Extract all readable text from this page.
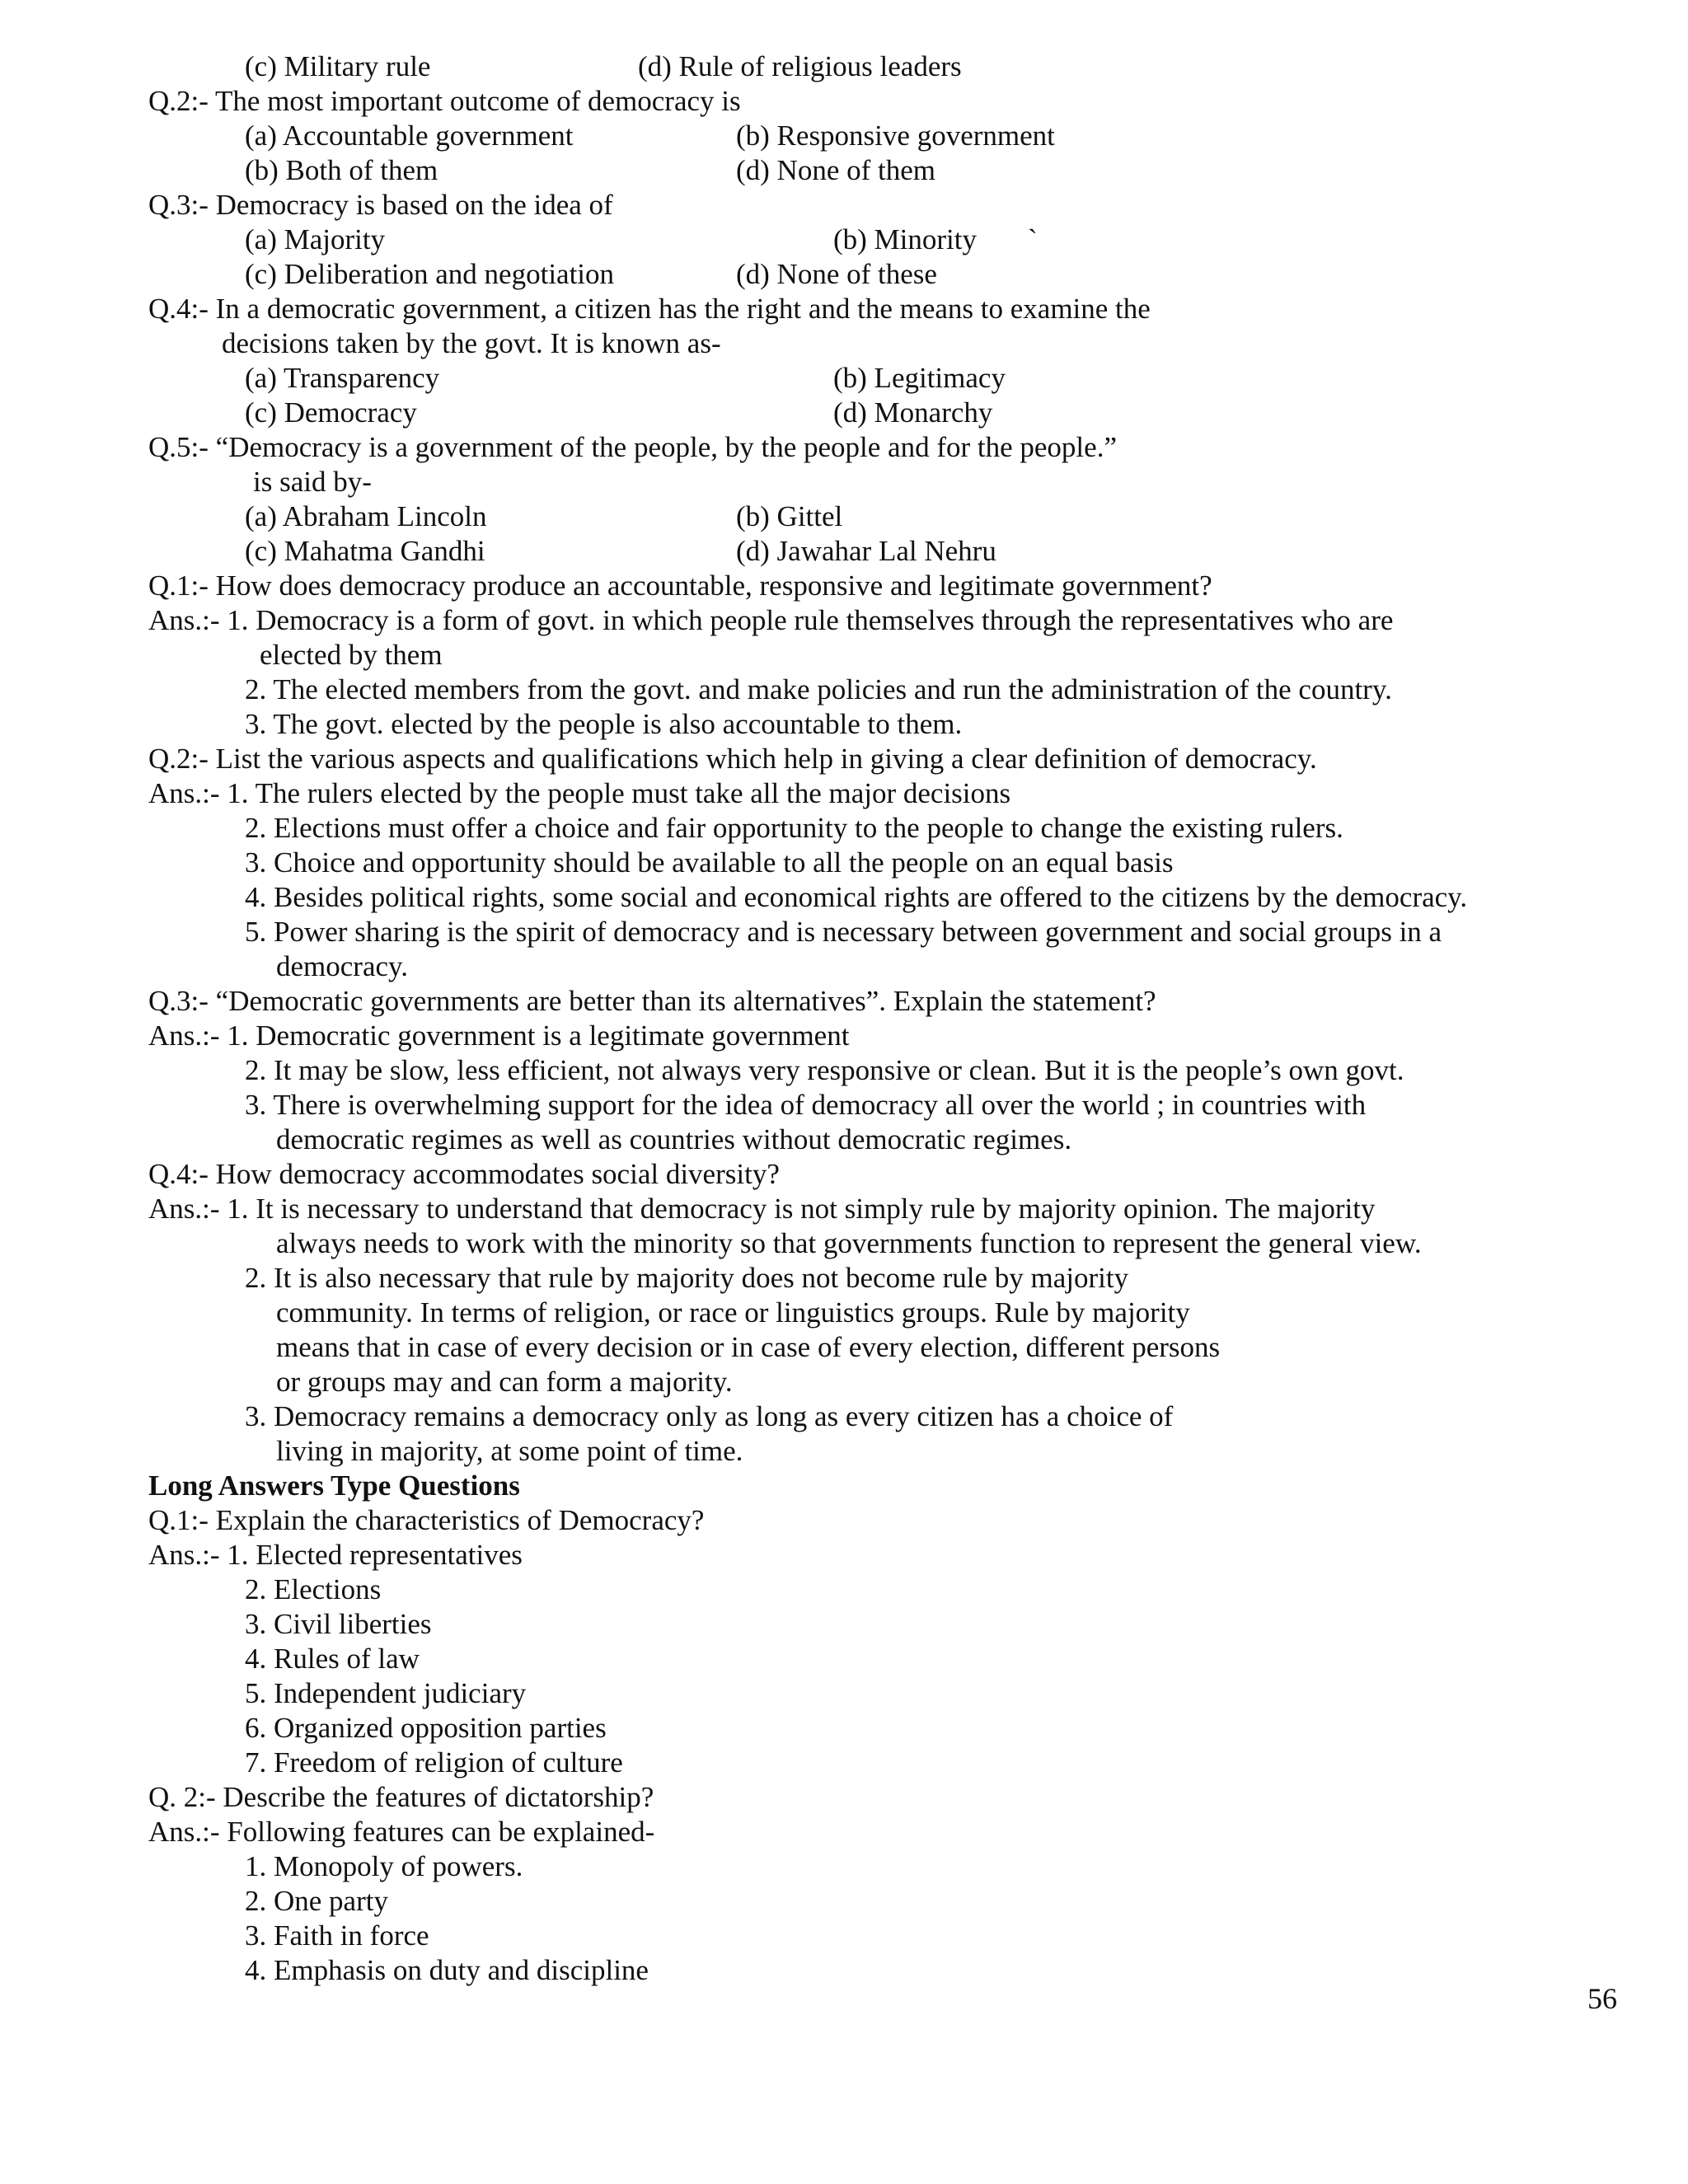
(c) Military rule	(d) Rule of religious leaders
Q.2:- The most important outcome of democracy is
(a) Accountable government	(b) Responsive government
(b) Both of them	(d) None of them
Q.3:- Democracy is based on the idea of
(a) Majority	(b) Minority `
(c) Deliberation and negotiation	(d) None of these
Q.4:- In a democratic government, a citizen has the right and the means to examine the
decisions taken by the govt. It is known as-
(a) Transparency	(b) Legitimacy
(c) Democracy	(d) Monarchy
Q.5:- “Democracy is a government of the people, by the people and for the people.”
is said by-
(a) Abraham Lincoln	(b) Gittel
(c) Mahatma Gandhi	(d) Jawahar Lal Nehru
Q.1:- How does democracy produce an accountable, responsive and legitimate government?
Ans.:- 1. Democracy is a form of govt. in which people rule themselves through the representatives who are
elected by them
2. The elected members from the govt. and make policies and run the administration of the country.
3. The govt. elected by the people is also accountable to them.
Q.2:- List the various aspects and qualifications which help in giving a clear definition of democracy.
Ans.:- 1. The rulers elected by the people must take all the major decisions
2. Elections must offer a choice and fair opportunity to the people to change the existing rulers.
3. Choice and opportunity should be available to all the people on an equal basis
4. Besides political rights, some social and economical rights are offered to the citizens by the democracy.
5. Power sharing is the spirit of democracy and is necessary between government and social groups in a
democracy.
Q.3:- “Democratic governments are better than its alternatives”. Explain the statement?
Ans.:- 1. Democratic government is a legitimate government
2. It may be slow, less efficient, not always very responsive or clean. But it is the people’s own govt.
3. There is overwhelming support for the idea of democracy all over the world ; in countries with
democratic regimes as well as countries without democratic regimes.
Q.4:- How democracy accommodates social diversity?
Ans.:- 1. It is necessary to understand that democracy is not simply rule by majority opinion. The majority
always needs to work with the minority so that governments function to represent the general view.
2. It is also necessary that rule by majority does not become rule by majority
community. In terms of religion, or race or linguistics groups. Rule by majority
means that in case of every decision or in case of every election, different persons
or groups may and can form a majority.
3. Democracy remains a democracy only as long as every citizen has a choice of
living in majority, at some point of time.
Long Answers Type Questions
Q.1:- Explain the characteristics of Democracy?
Ans.:- 1. Elected representatives
2. Elections
3. Civil liberties
4. Rules of law
5. Independent judiciary
6. Organized opposition parties
7. Freedom of religion of culture
Q. 2:- Describe the features of dictatorship?
Ans.:- Following features can be explained-
1. Monopoly of powers.
2. One party
3. Faith in force
4. Emphasis on duty and discipline
56
